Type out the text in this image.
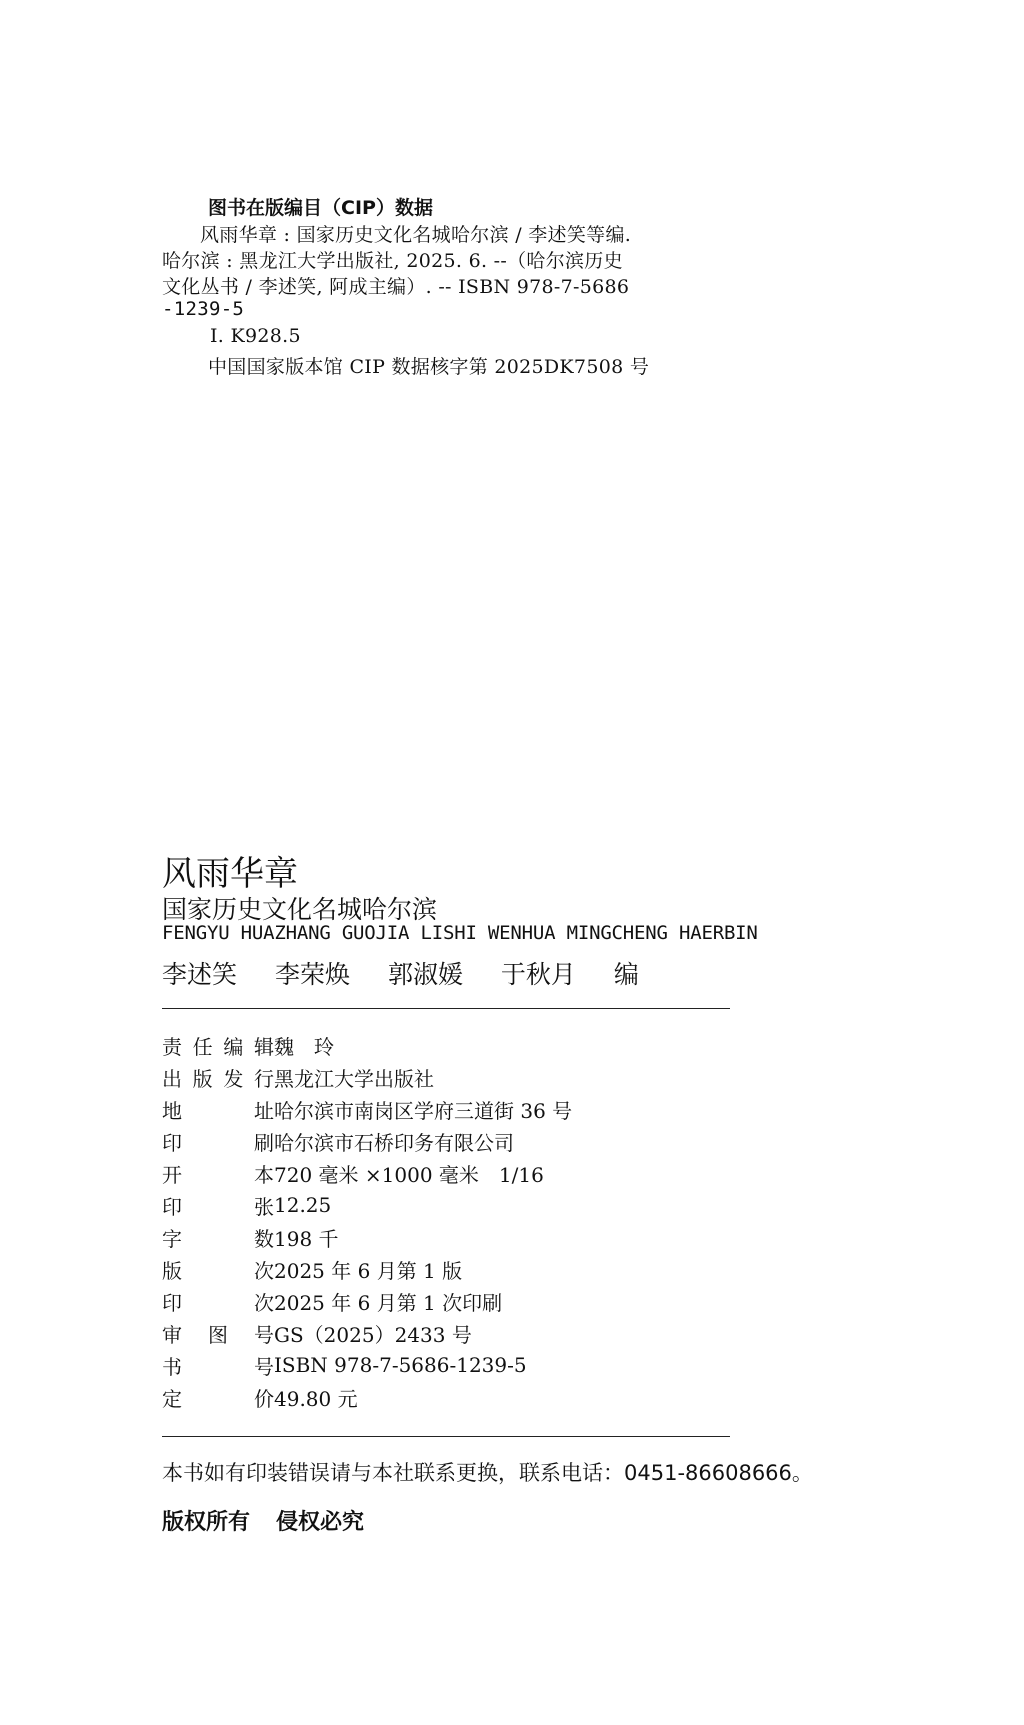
图书在版编目（CIP）数据
风雨华章 : 国家历史文化名城哈尔滨 / 李述笑等编.
哈尔滨 : 黑龙江大学出版社, 2025. 6. --（哈尔滨历史
文化丛书 / 李述笑, 阿成主编）. -- ISBN 978-7-5686
-1239-5
Ⅰ. K928.5
中国国家版本馆 CIP 数据核字第 2025DK7508 号
风雨华章
国家历史文化名城哈尔滨
FENGYU HUAZHANG GUOJIA LISHI WENHUA MINGCHENG HAERBIN
李述笑 李荣焕 郭淑媛 于秋月 编
责 任 编 辑 魏　玲
出 版 发 行 黑龙江大学出版社
地	址 哈尔滨市南岗区学府三道街 36 号
印	刷 哈尔滨市石桥印务有限公司
开	本 720 毫米 ×1000 毫米　1/16
印	张 12.25
字	数 198 千
版	次 2025 年 6 月第 1 版
印	次 2025 年 6 月第 1 次印刷
审 图 号 GS（2025）2433 号
书	号 ISBN 978-7-5686-1239-5
定	价 49.80 元
本书如有印装错误请与本社联系更换，联系电话：0451-86608666。
版权所有 侵权必究
